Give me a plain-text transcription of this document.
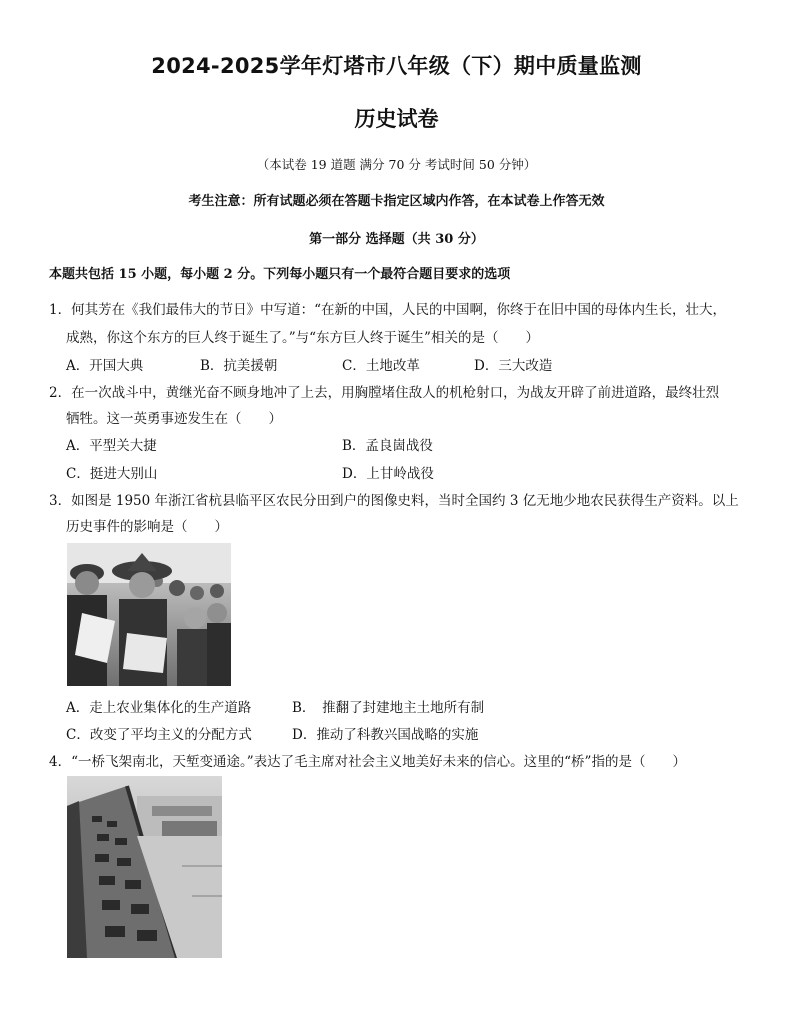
2024-2025学年灯塔市八年级（下）期中质量监测
历史试卷
（本试卷 19 道题 满分 70 分 考试时间 50 分钟）
考生注意：所有试题必须在答题卡指定区域内作答，在本试卷上作答无效
第一部分 选择题（共 30 分）
本题共包括 15 小题，每小题 2 分。下列每小题只有一个最符合题目要求的选项
1．何其芳在《我们最伟大的节日》中写道：“在新的中国，人民的中国啊，你终于在旧中国的母体内生长，壮大，
成熟，你这个东方的巨人终于诞生了。”与“东方巨人终于诞生”相关的是（　　）
A．开国大典	B．抗美援朝	C．土地改革	D．三大改造
2．在一次战斗中，黄继光奋不顾身地冲了上去，用胸膛堵住敌人的机枪射口，为战友开辟了前进道路，最终壮烈
牺牲。这一英勇事迹发生在（　　）
A．平型关大捷	B．孟良崮战役
C．挺进大别山	D．上甘岭战役
3．如图是 1950 年浙江省杭县临平区农民分田到户的图像史料，当时全国约 3 亿无地少地农民获得生产资料。以上
历史事件的影响是（　　）
A．走上农业集体化的生产道路	B．　推翻了封建地主土地所有制
C．改变了平均主义的分配方式	D．推动了科教兴国战略的实施
4．“一桥飞架南北，天堑变通途。”表达了毛主席对社会主义地美好未来的信心。这里的“桥”指的是（　　）
